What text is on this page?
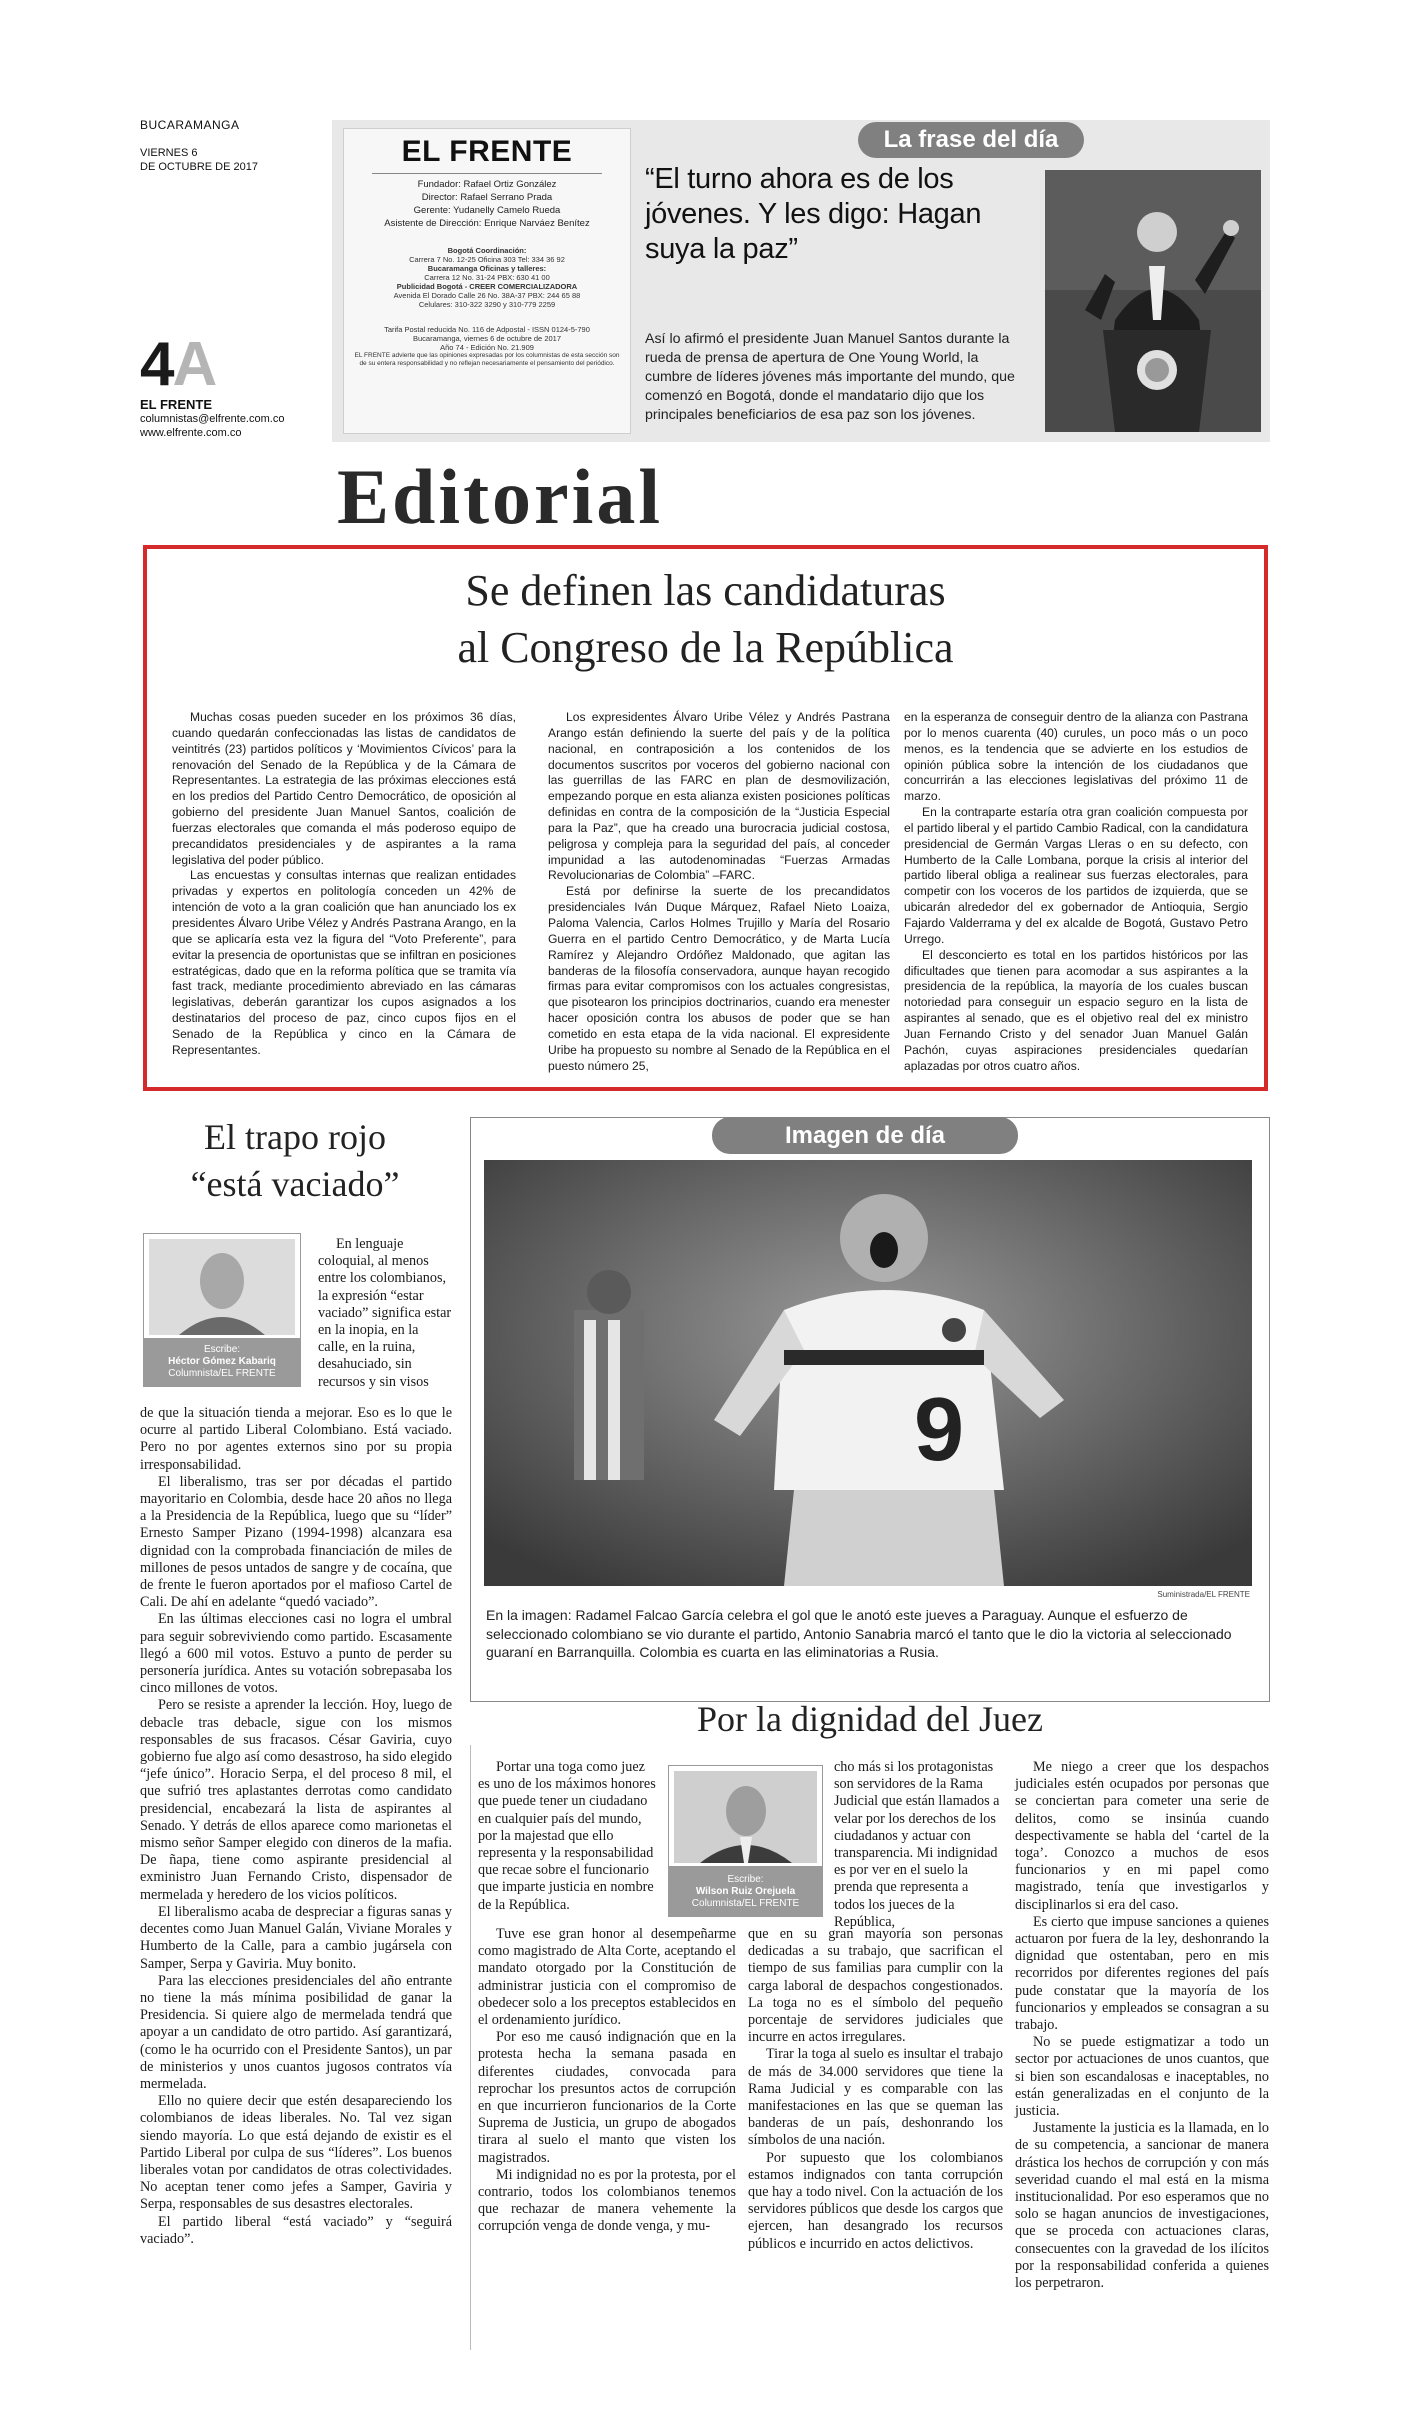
BUCARAMANGA
VIERNES 6
DE OCTUBRE DE 2017
4A
EL FRENTE
columnistas@elfrente.com.co
www.elfrente.com.co
EL FRENTE
Fundador: Rafael Ortiz González
Director: Rafael Serrano Prada
Gerente: Yudanelly Camelo Rueda
Asistente de Dirección: Enrique Narváez Benítez
Bogotá Coordinación:
Carrera 7 No. 12-25 Oficina 303 Tel: 334 36 92
Bucaramanga Oficinas y talleres:
Carrera 12 No. 31-24 PBX: 630 41 00
Publicidad Bogotá - CREER COMERCIALIZADORA
Avenida El Dorado Calle 26 No. 38A-37 PBX: 244 65 88
Celulares: 310-322 3290 y 310-779 2259
Tarifa Postal reducida No. 116 de Adpostal - ISSN 0124-5-790
Bucaramanga, viernes 6 de octubre de 2017
Año 74 - Edición No. 21.909
EL FRENTE advierte que las opiniones expresadas por los columnistas de esta sección son de su entera responsabilidad y no reflejan necesariamente el pensamiento del periódico.
La frase del día
“El turno ahora es de los jóvenes. Y les digo: Hagan suya la paz”
Así lo afirmó el presidente Juan Manuel Santos durante la rueda de prensa de apertura de One Young World, la cumbre de líderes jóvenes más importante del mundo, que comenzó en Bogotá, donde el mandatario dijo que los principales beneficiarios de esa paz son los jóvenes.
Editorial
Se definen las candidaturas
al Congreso de la República

Muchas cosas pueden suceder en los próximos 36 días, cuando quedarán confeccionadas las listas de candidatos de veintitrés (23) partidos políticos y ‘Movimientos Cívicos’ para la renovación del Senado de la República y de la Cámara de Representantes. La estrategia de las próximas elecciones está en los predios del Partido Centro Democrático, de oposición al gobierno del presidente Juan Manuel Santos, coalición de fuerzas electorales que comanda el más poderoso equipo de precandidatos presidenciales y de aspirantes a la rama legislativa del poder público.

Las encuestas y consultas internas que realizan entidades privadas y expertos en politología conceden un 42% de intención de voto a la gran coalición que han anunciado los ex presidentes Álvaro Uribe Vélez y Andrés Pastrana Arango, en la que se aplicaría esta vez la figura del “Voto Preferente”, para evitar la presencia de oportunistas que se infiltran en posiciones estratégicas, dado que en la reforma política que se tramita vía fast track, mediante procedimiento abreviado en las cámaras legislativas, deberán garantizar los cupos asignados a los destinatarios del proceso de paz, cinco cupos fijos en el Senado de la República y cinco en la Cámara de Representantes.

Los expresidentes Álvaro Uribe Vélez y Andrés Pastrana Arango están definiendo la suerte del país y de la política nacional, en contraposición a los contenidos de los documentos suscritos por voceros del gobierno nacional con las guerrillas de las FARC en plan de desmovilización, empezando porque en esta alianza existen posiciones políticas definidas en contra de la composición de la “Justicia Especial para la Paz”, que ha creado una burocracia judicial costosa, peligrosa y compleja para la seguridad del país, al conceder impunidad a las autodenominadas “Fuerzas Armadas Revolucionarias de Colombia” –FARC.

Está por definirse la suerte de los precandidatos presidenciales Iván Duque Márquez, Rafael Nieto Loaiza, Paloma Valencia, Carlos Holmes Trujillo y María del Rosario Guerra en el partido Centro Democrático, y de Marta Lucía Ramírez y Alejandro Ordóñez Maldonado, que agitan las banderas de la filosofía conservadora, aunque hayan recogido firmas para evitar compromisos con los actuales congresistas, que pisotearon los principios doctrinarios, cuando era menester hacer oposición contra los abusos de poder que se han cometido en esta etapa de la vida nacional. El expresidente Uribe ha propuesto su nombre al Senado de la República en el puesto número 25,

en la esperanza de conseguir dentro de la alianza con Pastrana por lo menos cuarenta (40) curules, un poco más o un poco menos, es la tendencia que se advierte en los estudios de opinión pública sobre la intención de los ciudadanos que concurrirán a las elecciones legislativas del próximo 11 de marzo.

En la contraparte estaría otra gran coalición compuesta por el partido liberal y el partido Cambio Radical, con la candidatura presidencial de Germán Vargas Lleras o en su defecto, con Humberto de la Calle Lombana, porque la crisis al interior del partido liberal obliga a realinear sus fuerzas electorales, para competir con los voceros de los partidos de izquierda, que se ubicarán alrededor del ex gobernador de Antioquia, Sergio Fajardo Valderrama y del ex alcalde de Bogotá, Gustavo Petro Urrego.

El desconcierto es total en los partidos históricos por las dificultades que tienen para acomodar a sus aspirantes a la presidencia de la república, la mayoría de los cuales buscan notoriedad para conseguir un espacio seguro en la lista de aspirantes al senado, que es el objetivo real del ex ministro Juan Fernando Cristo y del senador Juan Manuel Galán Pachón, cuyas aspiraciones presidenciales quedarían aplazadas por otros cuatro años.

El trapo rojo
“está vaciado”
Escribe:
Héctor Gómez Kabariq
Columnista/EL FRENTE

En lenguaje coloquial, al menos entre los colombianos, la expresión “estar vaciado” significa estar en la inopia, en la calle, en la ruina, desahuciado, sin recursos y sin visos

de que la situación tienda a mejorar. Eso es lo que le ocurre al partido Liberal Colombiano. Está vaciado. Pero no por agentes externos sino por su propia irresponsabilidad.

El liberalismo, tras ser por décadas el partido mayoritario en Colombia, desde hace 20 años no llega a la Presidencia de la República, luego que su “líder” Ernesto Samper Pizano (1994-1998) alcanzara esa dignidad con la comprobada financiación de miles de millones de pesos untados de sangre y de cocaína, que de frente le fueron aportados por el mafioso Cartel de Cali. De ahí en adelante “quedó vaciado”.

En las últimas elecciones casi no logra el umbral para seguir sobreviviendo como partido. Escasamente llegó a 600 mil votos. Estuvo a punto de perder su personería jurídica. Antes su votación sobrepasaba los cinco millones de votos.

Pero se resiste a aprender la lección. Hoy, luego de debacle tras debacle, sigue con los mismos responsables de sus fracasos. César Gaviria, cuyo gobierno fue algo así como desastroso, ha sido elegido “jefe único”. Horacio Serpa, el del proceso 8 mil, el que sufrió tres aplastantes derrotas como candidato presidencial, encabezará la lista de aspirantes al Senado. Y detrás de ellos aparece como marionetas el mismo señor Samper elegido con dineros de la mafia. De ñapa, tiene como aspirante presidencial al exministro Juan Fernando Cristo, dispensador de mermelada y heredero de los vicios políticos.

El liberalismo acaba de despreciar a figuras sanas y decentes como Juan Manuel Galán, Viviane Morales y Humberto de la Calle, para a cambio jugársela con Samper, Serpa y Gaviria. Muy bonito.

Para las elecciones presidenciales del año entrante no tiene la más mínima posibilidad de ganar la Presidencia. Si quiere algo de mermelada tendrá que apoyar a un candidato de otro partido. Así garantizará, (como le ha ocurrido con el Presidente Santos), un par de ministerios y unos cuantos jugosos contratos vía mermelada.

Ello no quiere decir que estén desapareciendo los colombianos de ideas liberales. No. Tal vez sigan siendo mayoría. Lo que está dejando de existir es el Partido Liberal por culpa de sus “líderes”. Los buenos liberales votan por candidatos de otras colectividades. No aceptan tener como jefes a Samper, Gaviria y Serpa, responsables de sus desastres electorales.

El partido liberal “está vaciado” y “seguirá vaciado”.

Imagen de día
9
Suministrada/EL FRENTE
En la imagen: Radamel Falcao García celebra el gol que le anotó este jueves a Paraguay. Aunque el esfuerzo de seleccionado colombiano se vio durante el partido, Antonio Sanabria marcó el tanto que le dio la victoria al seleccionado guaraní en Barranquilla. Colombia es cuarta en las eliminatorias a Rusia.
Por la dignidad del Juez
Escribe:
Wilson Ruiz Orejuela
Columnista/EL FRENTE

Portar una toga como juez es uno de los máximos honores que puede tener un ciudadano en cualquier país del mundo, por la majestad que ello representa y la responsabilidad que recae sobre el funcionario que imparte justicia en nombre de la República.

Tuve ese gran honor al desempeñarme como magistrado de Alta Corte, aceptando el mandato otorgado por la Constitución de administrar justicia con el compromiso de obedecer solo a los preceptos establecidos en el ordenamiento jurídico.

Por eso me causó indignación que en la protesta hecha la semana pasada en diferentes ciudades, convocada para reprochar los presuntos actos de corrupción en que incurrieron funcionarios de la Corte Suprema de Justicia, un grupo de abogados tirara al suelo el manto que visten los magistrados.

Mi indignidad no es por la protesta, por el contrario, todos los colombianos tenemos que rechazar de manera vehemente la corrupción venga de donde venga, y mu-

cho más si los protagonistas son servidores de la Rama Judicial que están llamados a velar por los derechos de los ciudadanos y actuar con transparencia. Mi indignidad es por ver en el suelo la prenda que representa a todos los jueces de la República,

que en su gran mayoría son personas dedicadas a su trabajo, que sacrifican el tiempo de sus familias para cumplir con la carga laboral de despachos congestionados. La toga no es el símbolo del pequeño porcentaje de servidores judiciales que incurre en actos irregulares.

Tirar la toga al suelo es insultar el trabajo de más de 34.000 servidores que tiene la Rama Judicial y es comparable con las manifestaciones en las que se queman las banderas de un país, deshonrando los símbolos de una nación.

Por supuesto que los colombianos estamos indignados con tanta corrupción que hay a todo nivel. Con la actuación de los servidores públicos que desde los cargos que ejercen, han desangrado los recursos públicos e incurrido en actos delictivos.

Me niego a creer que los despachos judiciales estén ocupados por personas que se conciertan para cometer una serie de delitos, como se insinúa cuando despectivamente se habla del ‘cartel de la toga’. Conozco a muchos de esos funcionarios y en mi papel como magistrado, tenía que investigarlos y disciplinarlos si era del caso.

Es cierto que impuse sanciones a quienes actuaron por fuera de la ley, deshonrando la dignidad que ostentaban, pero en mis recorridos por diferentes regiones del país pude constatar que la mayoría de los funcionarios y empleados se consagran a su trabajo.

No se puede estigmatizar a todo un sector por actuaciones de unos cuantos, que si bien son escandalosas e inaceptables, no están generalizadas en el conjunto de la justicia.

Justamente la justicia es la llamada, en lo de su competencia, a sancionar de manera drástica los hechos de corrupción y con más severidad cuando el mal está en la misma institucionalidad. Por eso esperamos que no solo se hagan anuncios de investigaciones, que se proceda con actuaciones claras, consecuentes con la gravedad de los ilícitos por la responsabilidad conferida a quienes los perpetraron.
